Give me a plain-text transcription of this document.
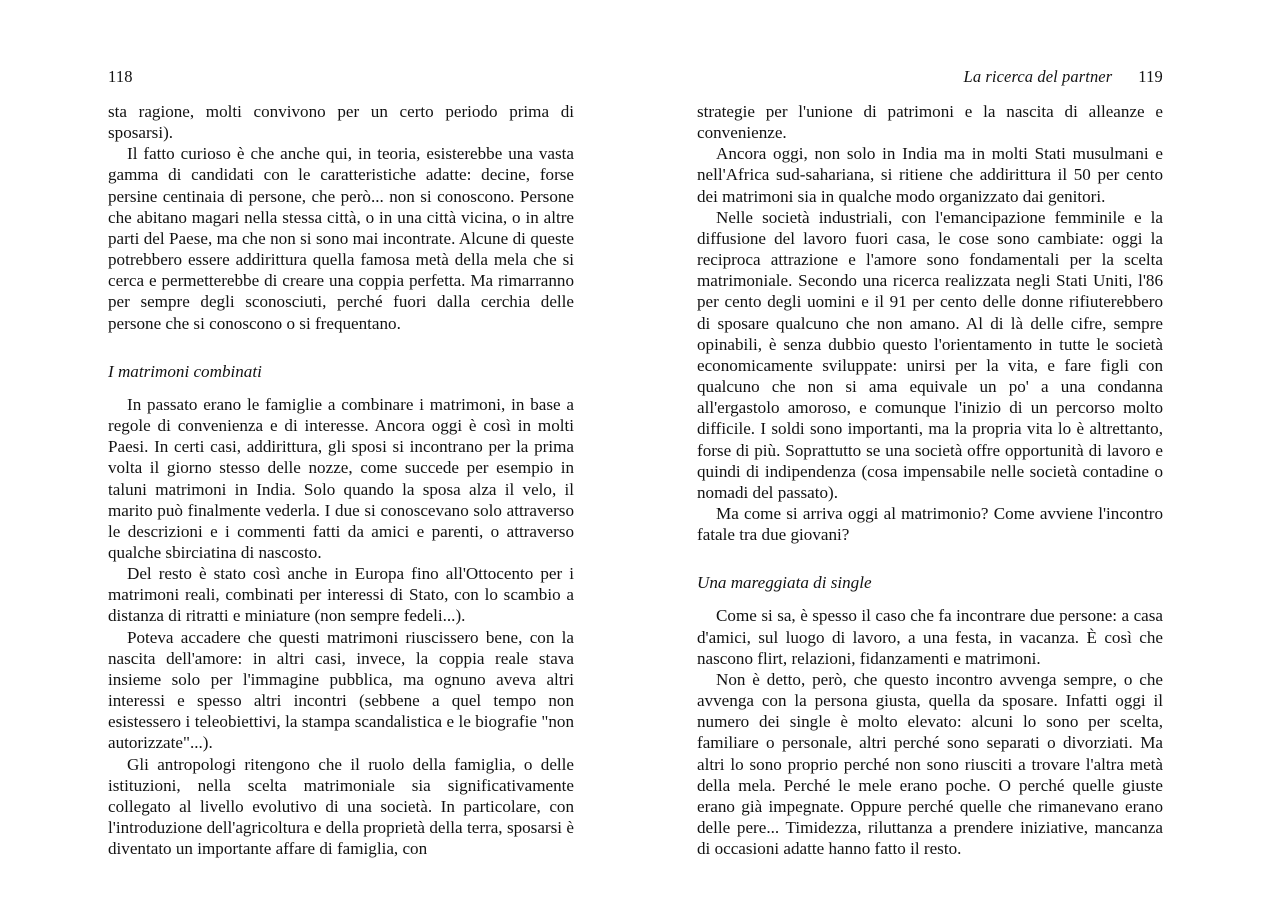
118	La ricerca del partner 119

sta ragione, molti convivono per un certo periodo prima di sposarsi).

Il fatto curioso è che anche qui, in teoria, esisterebbe una vasta gamma di candidati con le caratteristiche adatte: decine, forse persine centinaia di persone, che però... non si conoscono. Persone che abitano magari nella stessa città, o in una città vicina, o in altre parti del Paese, ma che non si sono mai incontrate. Alcune di queste potrebbero essere addirittura quella famosa metà della mela che si cerca e permetterebbe di creare una coppia perfetta. Ma rimarranno per sempre degli sconosciuti, perché fuori dalla cerchia delle persone che si conoscono o si frequentano.

I matrimoni combinati

In passato erano le famiglie a combinare i matrimoni, in base a regole di convenienza e di interesse. Ancora oggi è così in molti Paesi. In certi casi, addirittura, gli sposi si incontrano per la prima volta il giorno stesso delle nozze, come succede per esempio in taluni matrimoni in India. Solo quando la sposa alza il velo, il marito può finalmente vederla. I due si conoscevano solo attraverso le descrizioni e i commenti fatti da amici e parenti, o attraverso qualche sbirciatina di nascosto.

Del resto è stato così anche in Europa fino all'Ottocento per i matrimoni reali, combinati per interessi di Stato, con lo scambio a distanza di ritratti e miniature (non sempre fedeli...).

Poteva accadere che questi matrimoni riuscissero bene, con la nascita dell'amore: in altri casi, invece, la coppia reale stava insieme solo per l'immagine pubblica, ma ognuno aveva altri interessi e spesso altri incontri (sebbene a quel tempo non esistessero i teleobiettivi, la stampa scandalistica e le biografie "non autorizzate"...).

Gli antropologi ritengono che il ruolo della famiglia, o delle istituzioni, nella scelta matrimoniale sia significativamente collegato al livello evolutivo di una società. In particolare, con l'introduzione dell'agricoltura e della proprietà della terra, sposarsi è diventato un importante affare di famiglia, con

strategie per l'unione di patrimoni e la nascita di alleanze e convenienze.

Ancora oggi, non solo in India ma in molti Stati musulmani e nell'Africa sud-sahariana, si ritiene che addirittura il 50 per cento dei matrimoni sia in qualche modo organizzato dai genitori.

Nelle società industriali, con l'emancipazione femminile e la diffusione del lavoro fuori casa, le cose sono cambiate: oggi la reciproca attrazione e l'amore sono fondamentali per la scelta matrimoniale. Secondo una ricerca realizzata negli Stati Uniti, l'86 per cento degli uomini e il 91 per cento delle donne rifiuterebbero di sposare qualcuno che non amano. Al di là delle cifre, sempre opinabili, è senza dubbio questo l'orientamento in tutte le società economicamente sviluppate: unirsi per la vita, e fare figli con qualcuno che non si ama equivale un po' a una condanna all'ergastolo amoroso, e comunque l'inizio di un percorso molto difficile. I soldi sono importanti, ma la propria vita lo è altrettanto, forse di più. Soprattutto se una società offre opportunità di lavoro e quindi di indipendenza (cosa impensabile nelle società contadine o nomadi del passato).

Ma come si arriva oggi al matrimonio? Come avviene l'incontro fatale tra due giovani?

Una mareggiata di single

Come si sa, è spesso il caso che fa incontrare due persone: a casa d'amici, sul luogo di lavoro, a una festa, in vacanza. È così che nascono flirt, relazioni, fidanzamenti e matrimoni.

Non è detto, però, che questo incontro avvenga sempre, o che avvenga con la persona giusta, quella da sposare. Infatti oggi il numero dei single è molto elevato: alcuni lo sono per scelta, familiare o personale, altri perché sono separati o divorziati. Ma altri lo sono proprio perché non sono riusciti a trovare l'altra metà della mela. Perché le mele erano poche. O perché quelle giuste erano già impegnate. Oppure perché quelle che rimanevano erano delle pere... Timidezza, riluttanza a prendere iniziative, mancanza di occasioni adatte hanno fatto il resto.
